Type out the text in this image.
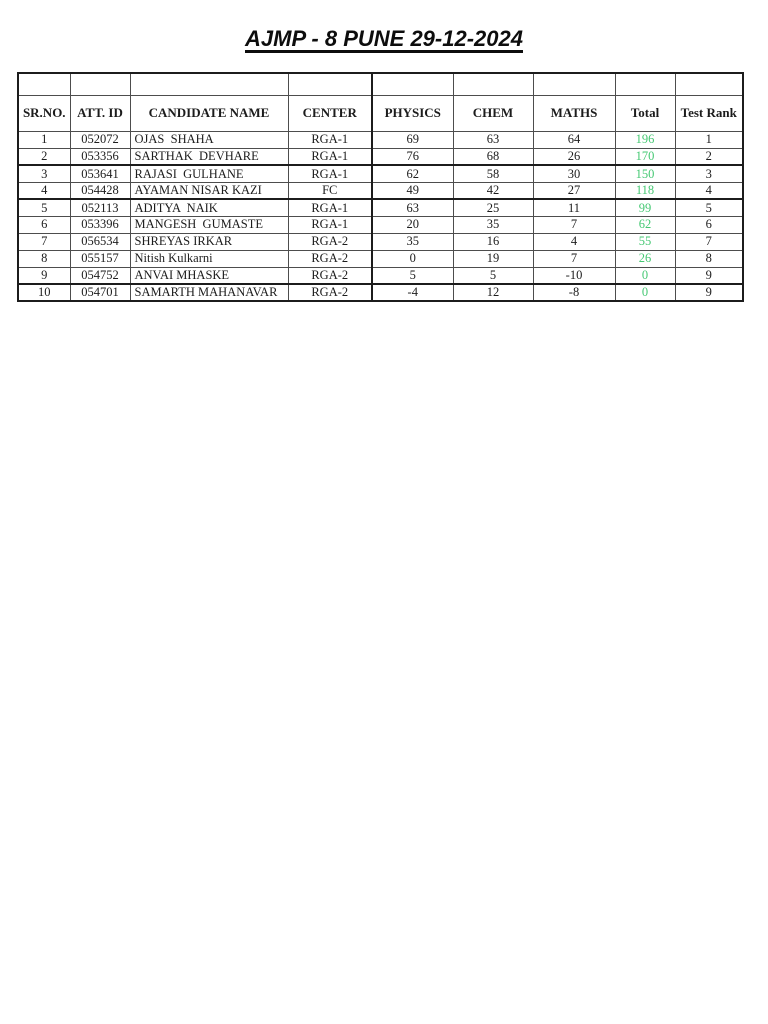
AJMP - 8 PUNE 29-12-2024

SR.NO.	ATT. ID	CANDIDATE NAME	CENTER	PHYSICS	CHEM	MATHS	Total	Test Rank
1	052072	OJAS  SHAHA	RGA-1	69	63	64	196	1
2	053356	SARTHAK  DEVHARE	RGA-1	76	68	26	170	2
3	053641	RAJASI  GULHANE	RGA-1	62	58	30	150	3
4	054428	AYAMAN NISAR KAZI	FC	49	42	27	118	4
5	052113	ADITYA  NAIK	RGA-1	63	25	11	99	5
6	053396	MANGESH  GUMASTE	RGA-1	20	35	7	62	6
7	056534	SHREYAS IRKAR	RGA-2	35	16	4	55	7
8	055157	Nitish Kulkarni	RGA-2	0	19	7	26	8
9	054752	ANVAI MHASKE	RGA-2	5	5	-10	0	9
10	054701	SAMARTH MAHANAVAR	RGA-2	-4	12	-8	0	9
